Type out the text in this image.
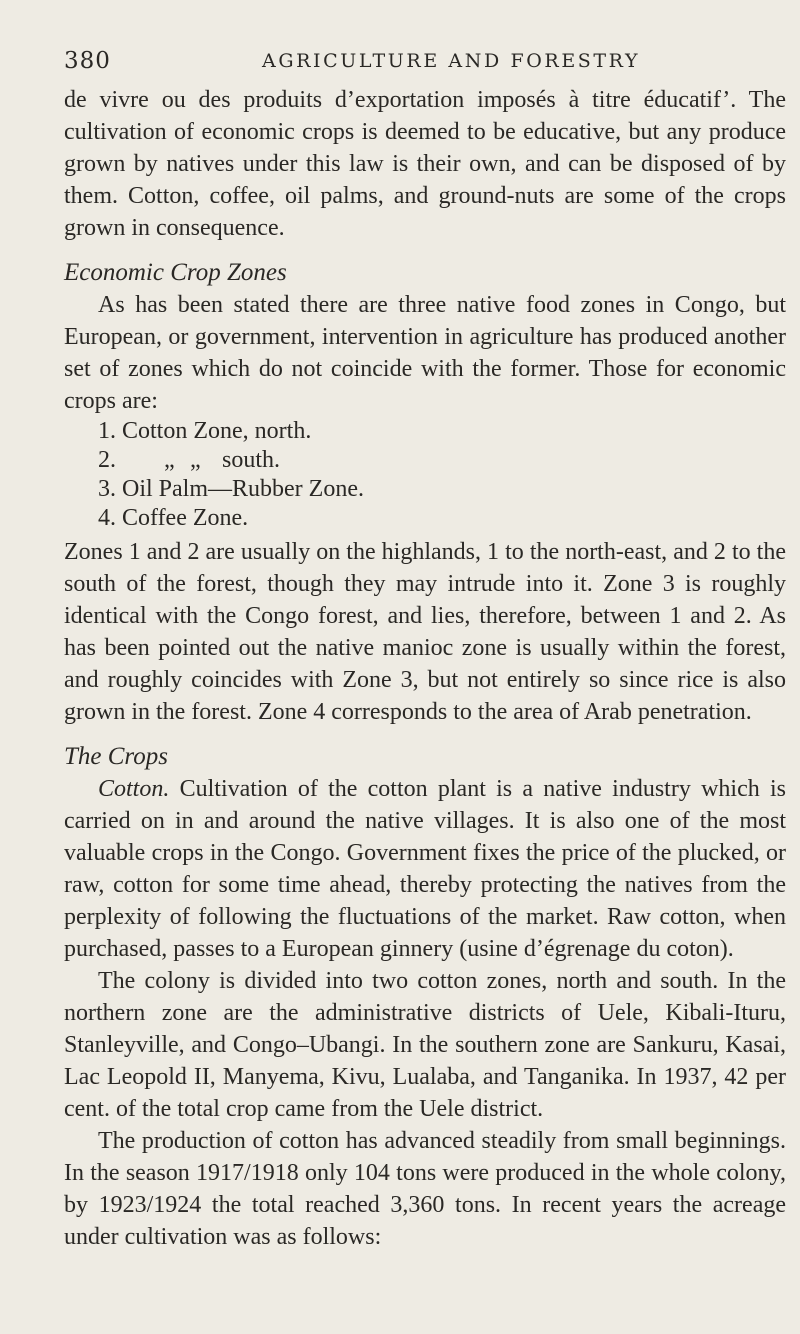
380	AGRICULTURE AND FORESTRY

de vivre ou des produits d’exportation imposés à titre éducatif’. The cultivation of economic crops is deemed to be educative, but any produce grown by natives under this law is their own, and can be disposed of by them. Cotton, coffee, oil palms, and ground-nuts are some of the crops grown in consequence.

Economic Crop Zones

As has been stated there are three native food zones in Congo, but European, or government, intervention in agriculture has produced another set of zones which do not coincide with the former. Those for economic crops are:

1. Cotton Zone, north.
2. „ „ south.
3. Oil Palm—Rubber Zone.
4. Coffee Zone.

Zones 1 and 2 are usually on the highlands, 1 to the north-east, and 2 to the south of the forest, though they may intrude into it. Zone 3 is roughly identical with the Congo forest, and lies, therefore, between 1 and 2. As has been pointed out the native manioc zone is usually within the forest, and roughly coincides with Zone 3, but not entirely so since rice is also grown in the forest. Zone 4 corresponds to the area of Arab penetration.

The Crops

Cotton. Cultivation of the cotton plant is a native industry which is carried on in and around the native villages. It is also one of the most valuable crops in the Congo. Government fixes the price of the plucked, or raw, cotton for some time ahead, thereby protecting the natives from the perplexity of following the fluctuations of the market. Raw cotton, when purchased, passes to a European ginnery (usine d’égrenage du coton).

The colony is divided into two cotton zones, north and south. In the northern zone are the administrative districts of Uele, Kibali-Ituru, Stanleyville, and Congo–Ubangi. In the southern zone are Sankuru, Kasai, Lac Leopold II, Manyema, Kivu, Lualaba, and Tanganika. In 1937, 42 per cent. of the total crop came from the Uele district.

The production of cotton has advanced steadily from small beginnings. In the season 1917/1918 only 104 tons were produced in the whole colony, by 1923/1924 the total reached 3,360 tons. In recent years the acreage under cultivation was as follows:
